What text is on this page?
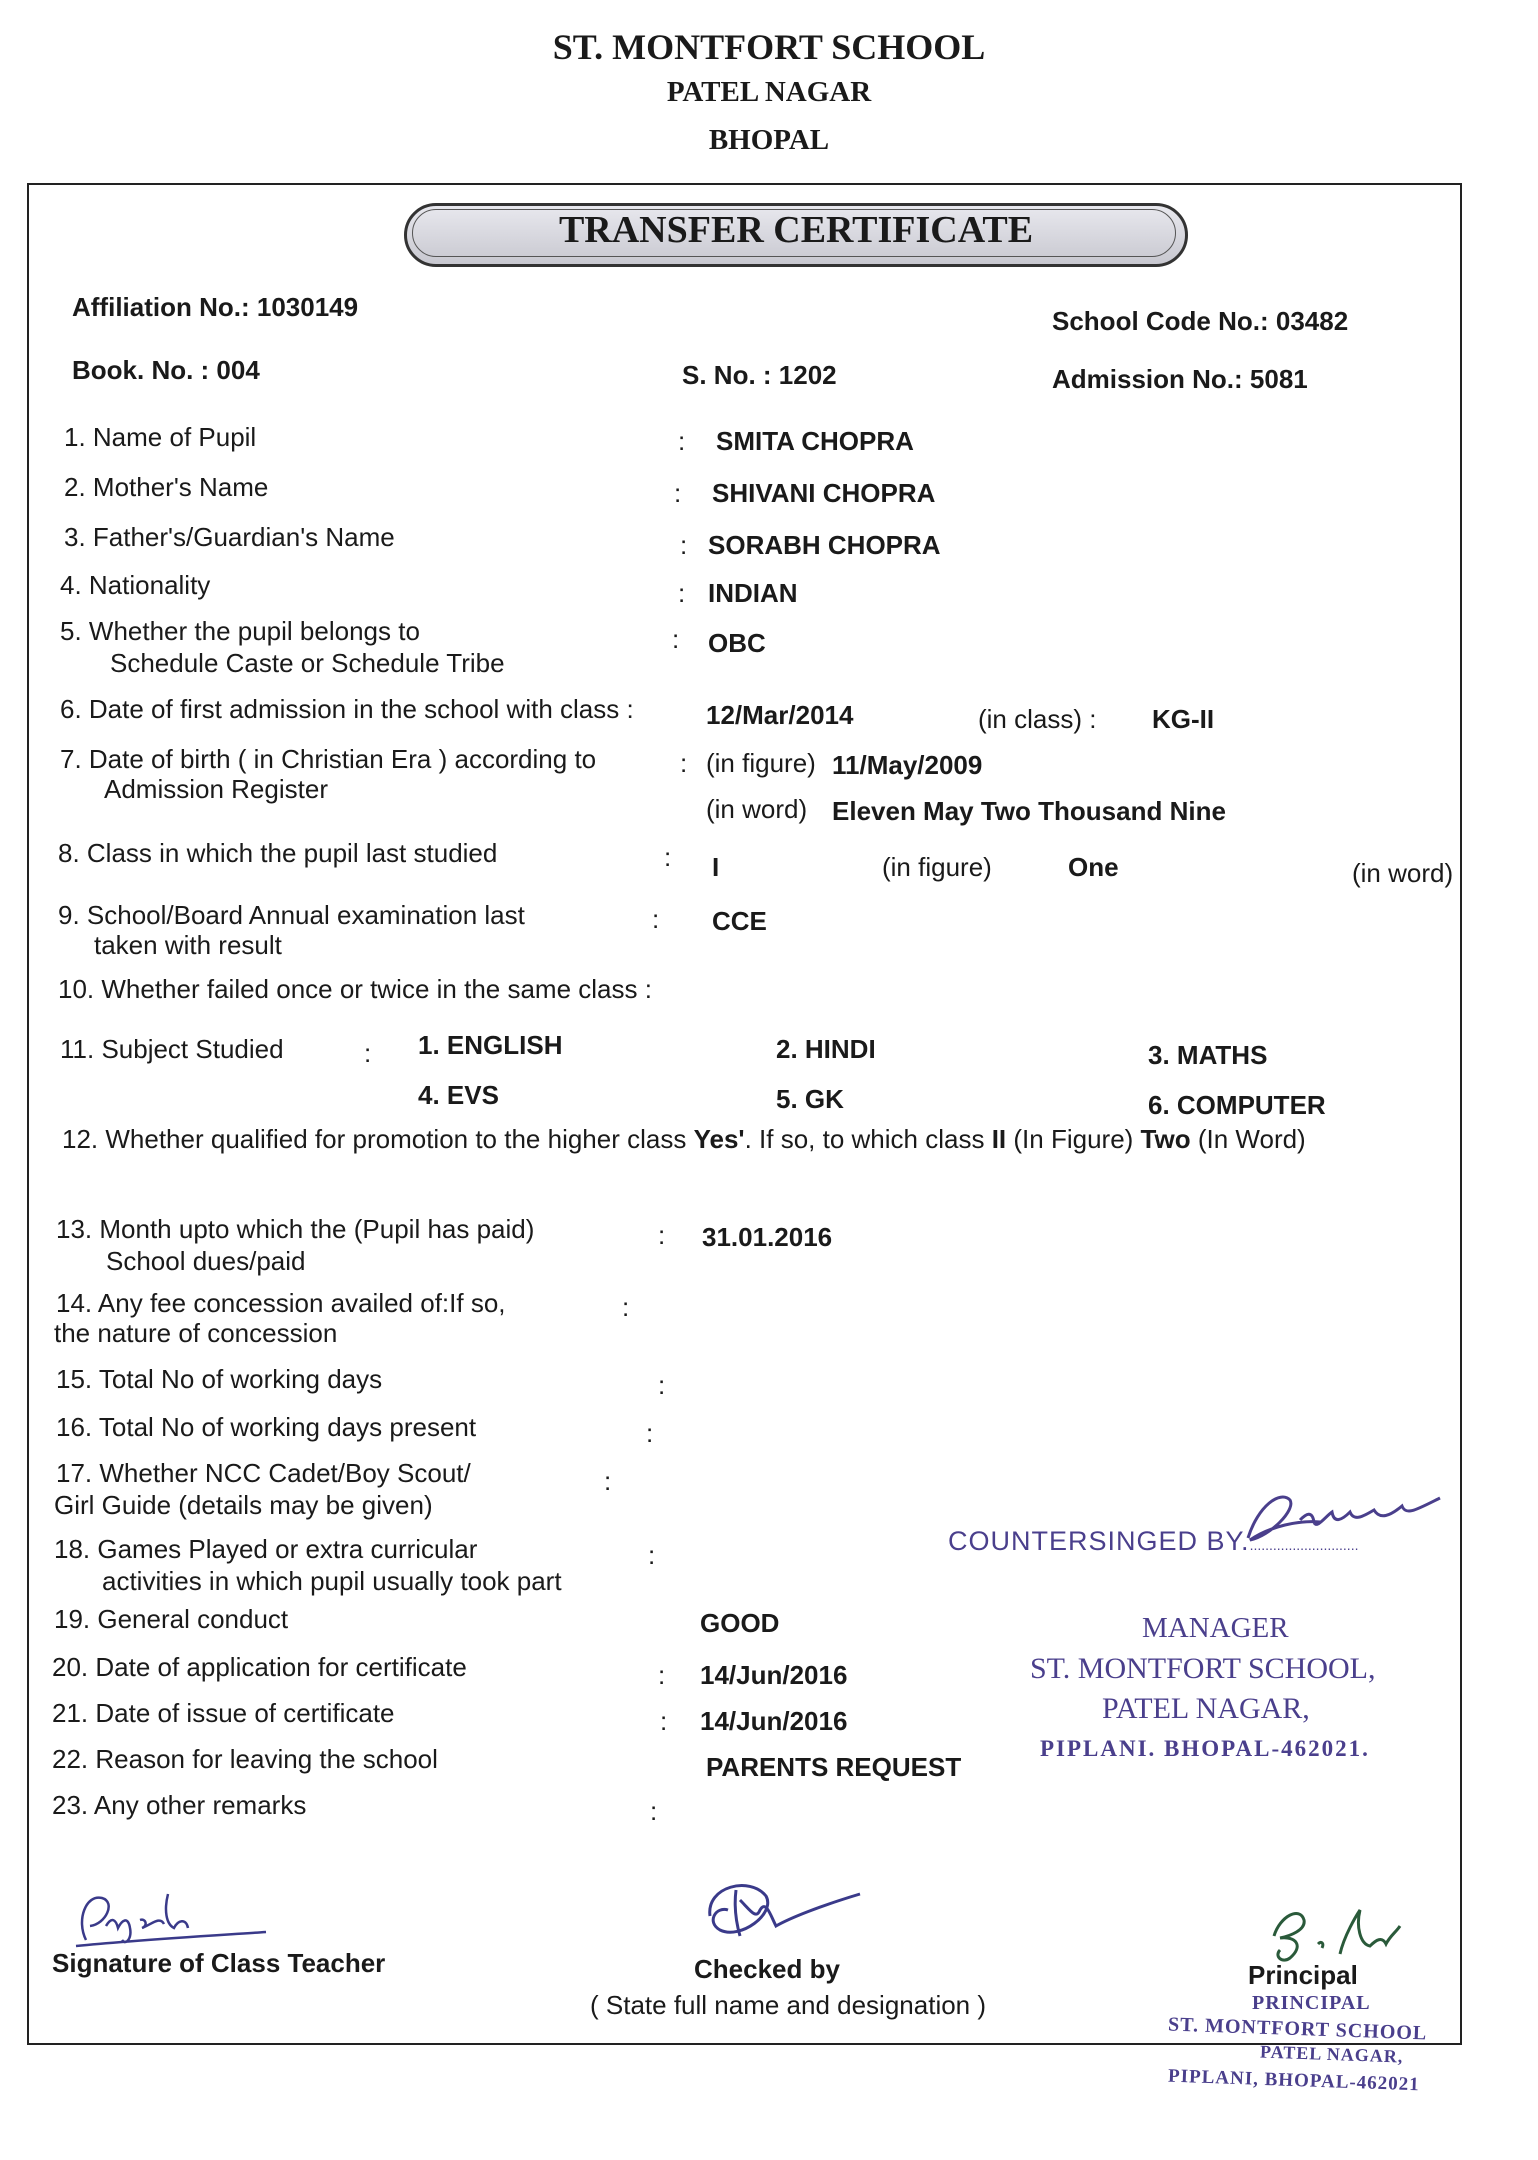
ST. MONTFORT SCHOOL
PATEL NAGAR
BHOPAL
TRANSFER CERTIFICATE
Affiliation No.: 1030149	School Code No.: 03482
Book. No. : 004	S. No. : 1202	Admission No.: 5081
1. Name of Pupil	: SMITA CHOPRA
2. Mother's Name	: SHIVANI CHOPRA
3. Father's/Guardian's Name	: SORABH CHOPRA
4. Nationality	: INDIAN
5. Whether the pupil belongs to
Schedule Caste or Schedule Tribe
: OBC
6. Date of first admission in the school with class :	12/Mar/2014	(in class) : KG-II
7. Date of birth ( in Christian Era ) according to
Admission Register
: (in figure) 11/May/2009
(in word) Eleven May Two Thousand Nine
8. Class in which the pupil last studied	: I	(in figure)	One	(in word)
9. School/Board Annual examination last
taken with result
: CCE
10. Whether failed once or twice in the same class :
11. Subject Studied	: 1. ENGLISH	2. HINDI	3. MATHS
4. EVS	5. GK	6. COMPUTER
12. Whether qualified for promotion to the higher class Yes'. If so, to which class II (In Figure) Two (In Word)
13. Month upto which the (Pupil has paid)
School dues/paid
: 31.01.2016
14. Any fee concession availed of:If so,
the nature of concession
:
15. Total No of working days	:
16. Total No of working days present	:
17. Whether NCC Cadet/Boy Scout/
Girl Guide (details may be given)
:
18. Games Played or extra curricular
activities in which pupil usually took part
:
19. General conduct	GOOD
20. Date of application for certificate	: 14/Jun/2016
21. Date of issue of certificate	: 14/Jun/2016
22. Reason for leaving the school	PARENTS REQUEST
23. Any other remarks	:
COUNTERSINGED BY.............................
MANAGER
ST. MONTFORT SCHOOL,
PATEL NAGAR,
PIPLANI. BHOPAL-462021.
Signature of Class Teacher	Checked by
( State full name and designation )
Principal
PRINCIPAL
ST. MONTFORT SCHOOL
PATEL NAGAR,
PIPLANI, BHOPAL-462021
